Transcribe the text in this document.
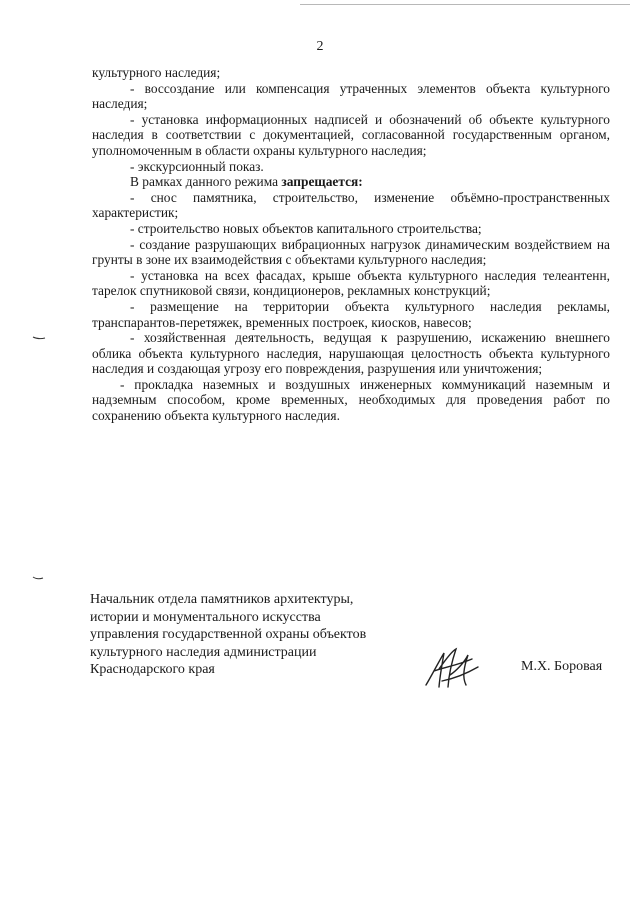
2

культурного наследия;

- воссоздание или компенсация утраченных элементов объекта культурного наследия;

- установка информационных надписей и обозначений об объекте культурного наследия в соответствии с документацией, согласованной государственным органом, уполномоченным в области охраны культурного наследия;

- экскурсионный показ.

В рамках данного режима запрещается:

- снос памятника, строительство, изменение объёмно-пространственных характеристик;

- строительство новых объектов капитального строительства;

- создание разрушающих вибрационных нагрузок динамическим воздействием на грунты в зоне их взаимодействия с объектами культурного наследия;

- установка на всех фасадах, крыше объекта культурного наследия телеантенн, тарелок спутниковой связи, кондиционеров, рекламных конструкций;

- размещение на территории объекта культурного наследия рекламы, транспарантов-перетяжек, временных построек, киосков, навесов;

- хозяйственная деятельность, ведущая к разрушению, искажению внешнего облика объекта культурного наследия, нарушающая целостность объекта культурного наследия и создающая угрозу его повреждения, разрушения или уничтожения;

- прокладка наземных и воздушных инженерных коммуникаций наземным и надземным способом, кроме временных, необходимых для проведения работ по сохранению объекта культурного наследия.

Начальник отдела памятников архитектуры,
истории и монументального искусства
управления государственной охраны объектов
культурного наследия администрации
Краснодарского края	М.Х. Боровая
